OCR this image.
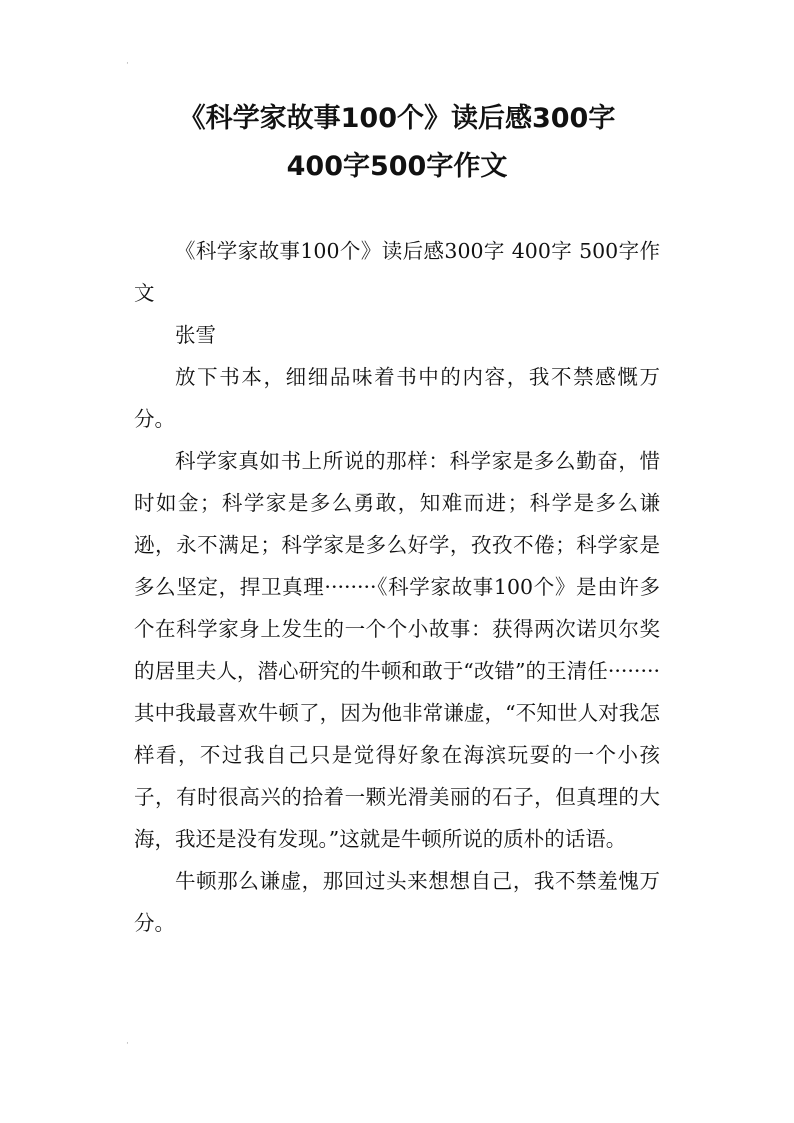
·
《科学家故事100个》读后感300字
400字500字作文

《科学家故事100个》读后感300字 400字 500字作文

张雪

放下书本，细细品味着书中的内容，我不禁感慨万分。

科学家真如书上所说的那样：科学家是多么勤奋，惜时如金；科学家是多么勇敢，知难而进；科学是多么谦逊，永不满足；科学家是多么好学，孜孜不倦；科学家是多么坚定，捍卫真理········《科学家故事100个》是由许多个在科学家身上发生的一个个小故事：获得两次诺贝尔奖的居里夫人，潜心研究的牛顿和敢于“改错”的王清任········其中我最喜欢牛顿了，因为他非常谦虚，“不知世人对我怎样看，不过我自己只是觉得好象在海滨玩耍的一个小孩子，有时很高兴的拾着一颗光滑美丽的石子，但真理的大海，我还是没有发现。”这就是牛顿所说的质朴的话语。

牛顿那么谦虚，那回过头来想想自己，我不禁羞愧万分。

·
